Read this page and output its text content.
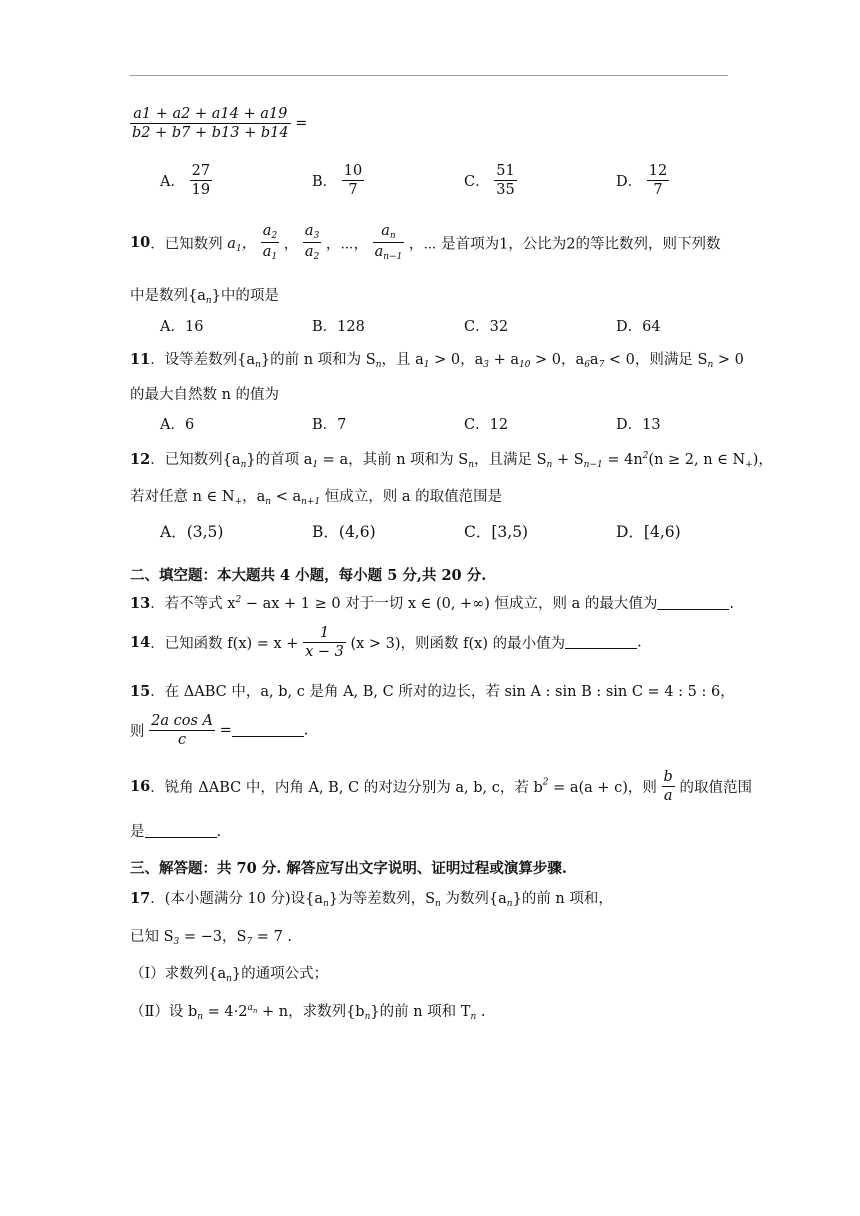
$\frac{a1 + a2 + a14 + a19}{b2 + b7 + b13 + b14}$ =
A． $\frac{27}{19}$	B． $\frac{10}{7}$	C． $\frac{51}{35}$	D． $\frac{12}{7}$
10．已知数列 $a_1$， $\frac{a_2}{a_1}$ ， $\frac{a_3}{a_2}$ ，⋯， $\frac{a_n}{a_{n-1}}$ ，⋯ 是首项为1，公比为2的等比数列，则下列数
中是数列$\{a_n\}$中的项是
A．16	B．128	C．32	D．64
11．设等差数列$\{a_n\}$的前 n 项和为 $S_n$，且 $a_1 > 0$，$a_3 + a_{10} > 0$，$a_6a_7 < 0$，则满足 $S_n > 0$
的最大自然数 n 的值为
A．6	B．7	C．12	D．13
12．已知数列$\{a_n\}$的首项 $a_1 = a$，其前 n 项和为 $S_n$，且满足 $S_n + S_{n-1} = 4n^2(n \ge 2$, n ∈ $N_+$)，
若对任意 n ∈ $N_+$，$a_n < a_{n+1}$ 恒成立，则 a 的取值范围是
A．(3,5)	B．(4,6)	C．[3,5)	D．[4,6)
二、填空题：本大题共 4 小题，每小题 5 分,共 20 分.
13．若不等式 $x^2$ − ax + 1 ≥ 0 对于一切 x ∈ (0, +∞) 恒成立，则 a 的最大值为	.
14．已知函数 $f(x) = x + \frac{1}{x - 3} (x > 3)$，则函数 f(x) 的最小值为	.
15．在 ΔABC 中，a, b, c 是角 A, B, C 所对的边长，若 sin A : sin B : sin C = 4 : 5 : 6，
则 $\frac{\text{2a cos A}}{c}$ =	.
16．锐角 ΔABC 中，内角 A, B, C 的对边分别为 a, b, c，若 $b^2 = a(a + c)$，则 $\frac{b}{a}$ 的取值范围
是	.
三、解答题：共 70 分. 解答应写出文字说明、证明过程或演算步骤.
17．(本小题满分 10 分)设$\{a_n\}$为等差数列，$S_n$ 为数列$\{a_n\}$的前 n 项和，
已知 $S_3 = -3$，$S_7 = 7$ .
（Ⅰ）求数列$\{a_n\}$的通项公式；
（Ⅱ）设 $b_n = 4\cdot 2^{a_n} + n$，求数列$\{b_n\}$的前 n 项和 $T_n$ .
